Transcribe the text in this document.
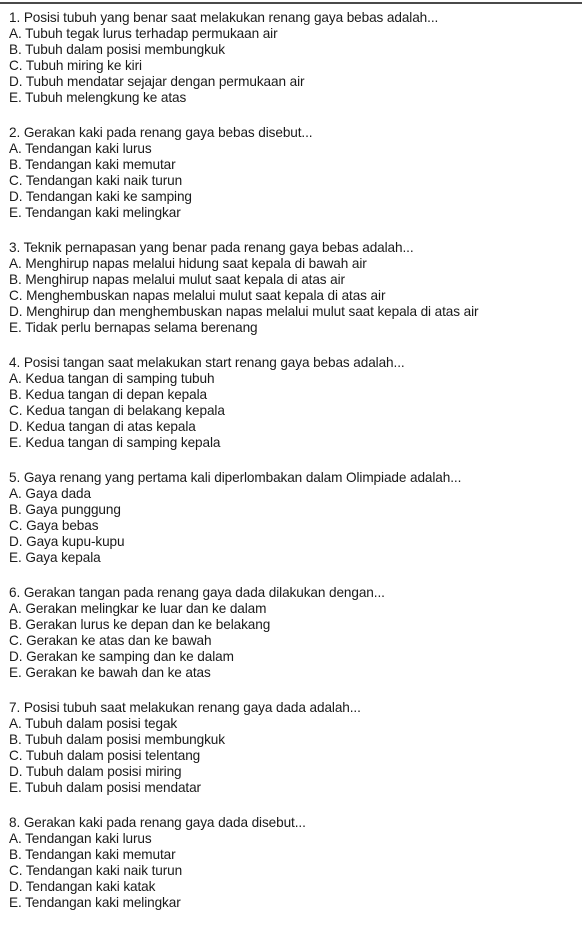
1. Posisi tubuh yang benar saat melakukan renang gaya bebas adalah...
A. Tubuh tegak lurus terhadap permukaan air
B. Tubuh dalam posisi membungkuk
C. Tubuh miring ke kiri
D. Tubuh mendatar sejajar dengan permukaan air
E. Tubuh melengkung ke atas
2. Gerakan kaki pada renang gaya bebas disebut...
A. Tendangan kaki lurus
B. Tendangan kaki memutar
C. Tendangan kaki naik turun
D. Tendangan kaki ke samping
E. Tendangan kaki melingkar
3. Teknik pernapasan yang benar pada renang gaya bebas adalah...
A. Menghirup napas melalui hidung saat kepala di bawah air
B. Menghirup napas melalui mulut saat kepala di atas air
C. Menghembuskan napas melalui mulut saat kepala di atas air
D. Menghirup dan menghembuskan napas melalui mulut saat kepala di atas air
E. Tidak perlu bernapas selama berenang
4. Posisi tangan saat melakukan start renang gaya bebas adalah...
A. Kedua tangan di samping tubuh
B. Kedua tangan di depan kepala
C. Kedua tangan di belakang kepala
D. Kedua tangan di atas kepala
E. Kedua tangan di samping kepala
5. Gaya renang yang pertama kali diperlombakan dalam Olimpiade adalah...
A. Gaya dada
B. Gaya punggung
C. Gaya bebas
D. Gaya kupu-kupu
E. Gaya kepala
6. Gerakan tangan pada renang gaya dada dilakukan dengan...
A. Gerakan melingkar ke luar dan ke dalam
B. Gerakan lurus ke depan dan ke belakang
C. Gerakan ke atas dan ke bawah
D. Gerakan ke samping dan ke dalam
E. Gerakan ke bawah dan ke atas
7. Posisi tubuh saat melakukan renang gaya dada adalah...
A. Tubuh dalam posisi tegak
B. Tubuh dalam posisi membungkuk
C. Tubuh dalam posisi telentang
D. Tubuh dalam posisi miring
E. Tubuh dalam posisi mendatar
8. Gerakan kaki pada renang gaya dada disebut...
A. Tendangan kaki lurus
B. Tendangan kaki memutar
C. Tendangan kaki naik turun
D. Tendangan kaki katak
E. Tendangan kaki melingkar
